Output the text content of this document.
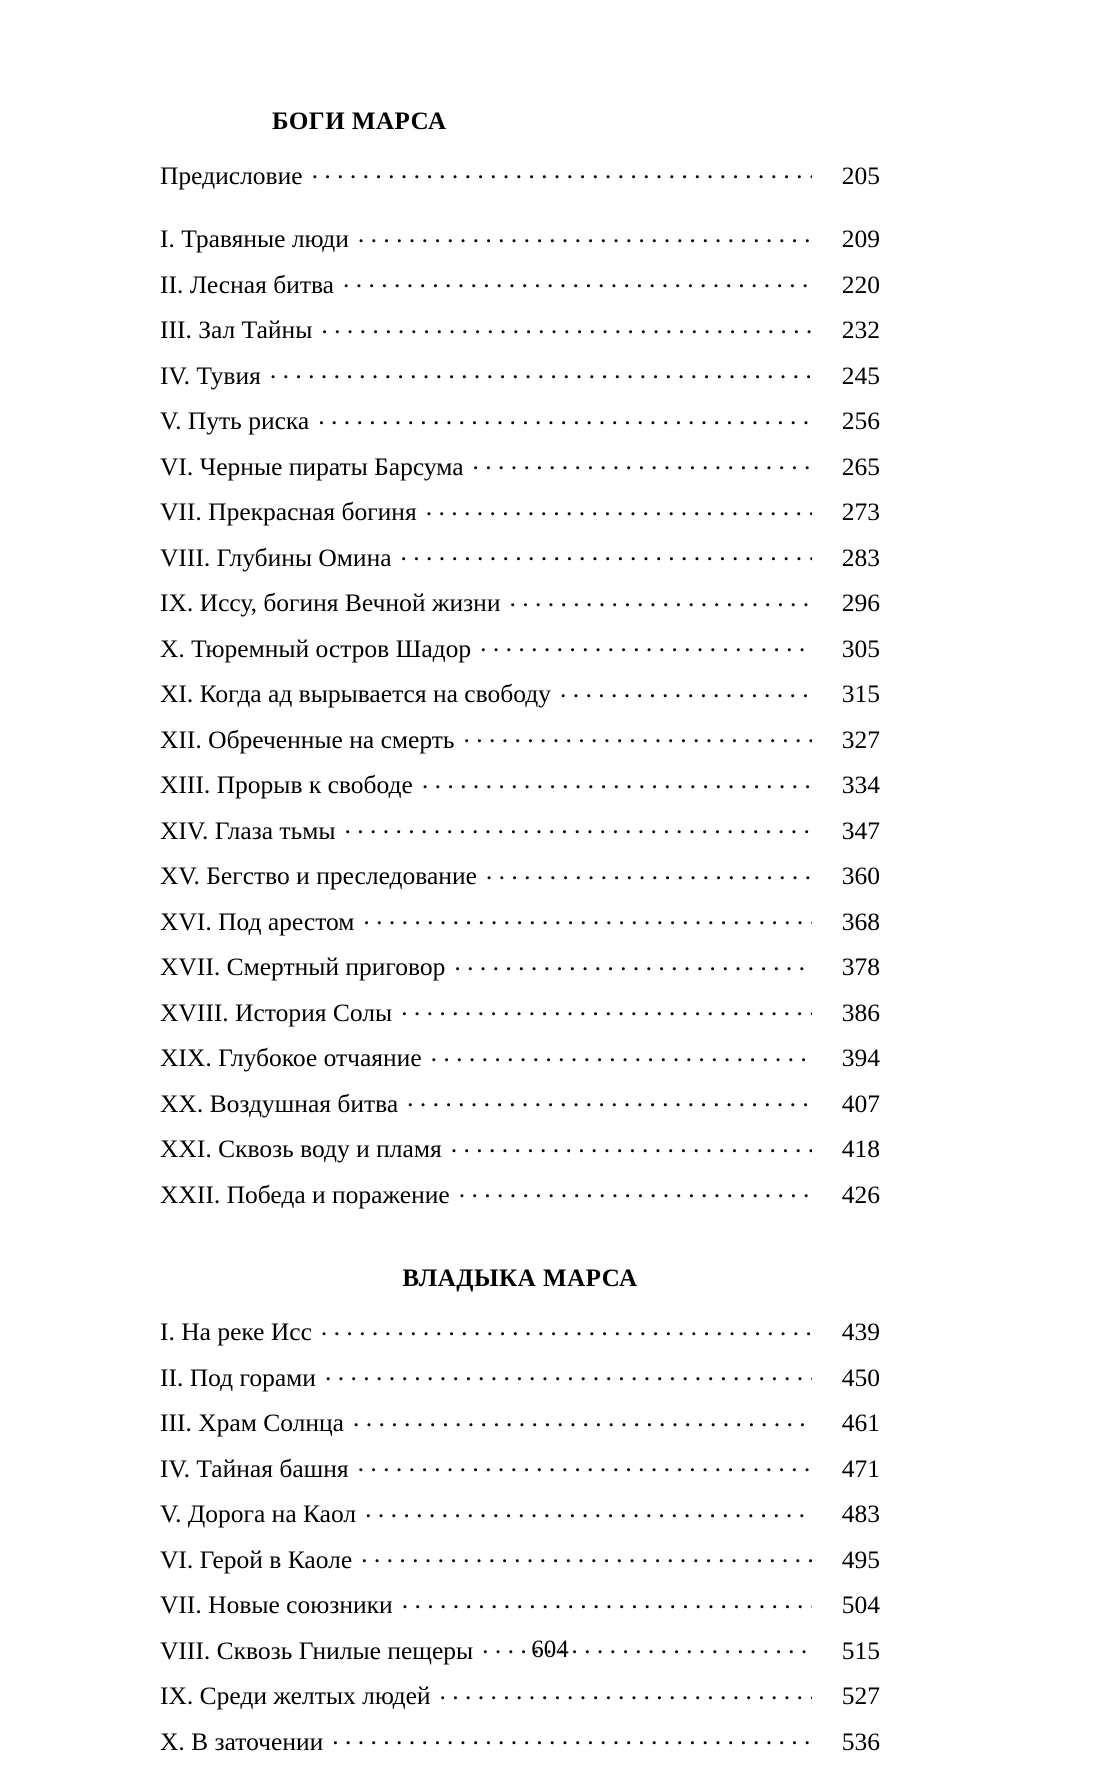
БОГИ МАРСА
Предисловие . . .	205
I. Травяные люди . . .	209
II. Лесная битва . . .	220
III. Зал Тайны . . .	232
IV. Тувия . . .	245
V. Путь риска . . .	256
VI. Черные пираты Барсума . . .	265
VII. Прекрасная богиня . . .	273
VIII. Глубины Омина . . .	283
IX. Иссу, богиня Вечной жизни . . .	296
X. Тюремный остров Шадор . . .	305
XI. Когда ад вырывается на свободу . . .	315
XII. Обреченные на смерть . . .	327
XIII. Прорыв к свободе . . .	334
XIV. Глаза тьмы . . .	347
XV. Бегство и преследование . . .	360
XVI. Под арестом . . .	368
XVII. Смертный приговор . . .	378
XVIII. История Солы . . .	386
XIX. Глубокое отчаяние . . .	394
XX. Воздушная битва . . .	407
XXI. Сквозь воду и пламя . . .	418
XXII. Победа и поражение . . .	426
ВЛАДЫКА МАРСА
I. На реке Исс . . .	439
II. Под горами . . .	450
III. Храм Солнца . . .	461
IV. Тайная башня . . .	471
V. Дорога на Каол . . .	483
VI. Герой в Каоле . . .	495
VII. Новые союзники . . .	504
VIII. Сквозь Гнилые пещеры . . .	515
IX. Среди желтых людей . . .	527
X. В заточении . . .	536
604
